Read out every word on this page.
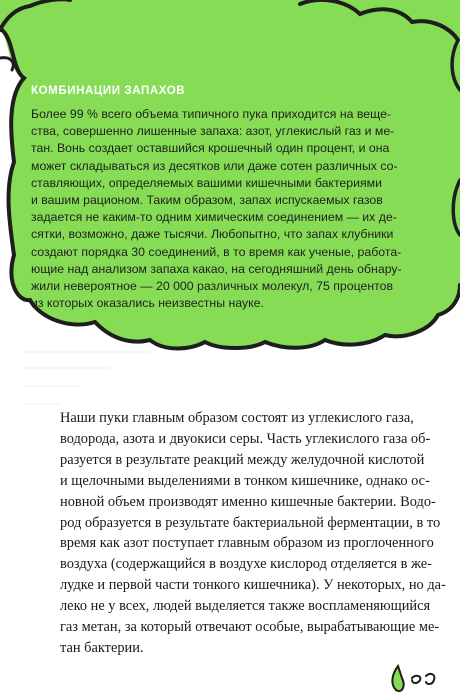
КОМБИНАЦИИ ЗАПАХОВ

Более 99 % всего объема типичного пука приходится на веще-

ства, совершенно лишенные запаха: азот, углекислый газ и ме-

тан. Вонь создает оставшийся крошечный один процент, и она

может складываться из десятков или даже сотен различных со-

ставляющих, определяемых вашими кишечными бактериями

и вашим рационом. Таким образом, запах испускаемых газов

задается не каким-то одним химическим соединением — их де-

сятки, возможно, даже тысячи. Любопытно, что запах клубники

создают порядка 30 соединений, в то время как ученые, работа-

ющие над анализом запаха какао, на сегодняшний день обнару-

жили невероятное — 20 000 различных молекул, 75 процентов

из которых оказались неизвестны науке.

Наши пуки главным образом состоят из углекислого газа,

водорода, азота и двуокиси серы. Часть углекислого газа об-

разуется в результате реакций между желудочной кислотой

и щелочными выделениями в тонком кишечнике, однако ос-

новной объем производят именно кишечные бактерии. Водо-

род образуется в результате бактериальной ферментации, в то

время как азот поступает главным образом из проглоченного

воздуха (содержащийся в воздухе кислород отделяется в же-

лудке и первой части тонкого кишечника). У некоторых, но да-

леко не у всех, людей выделяется также воспламеняющийся

газ метан, за который отвечают особые, вырабатывающие ме-

тан бактерии.
